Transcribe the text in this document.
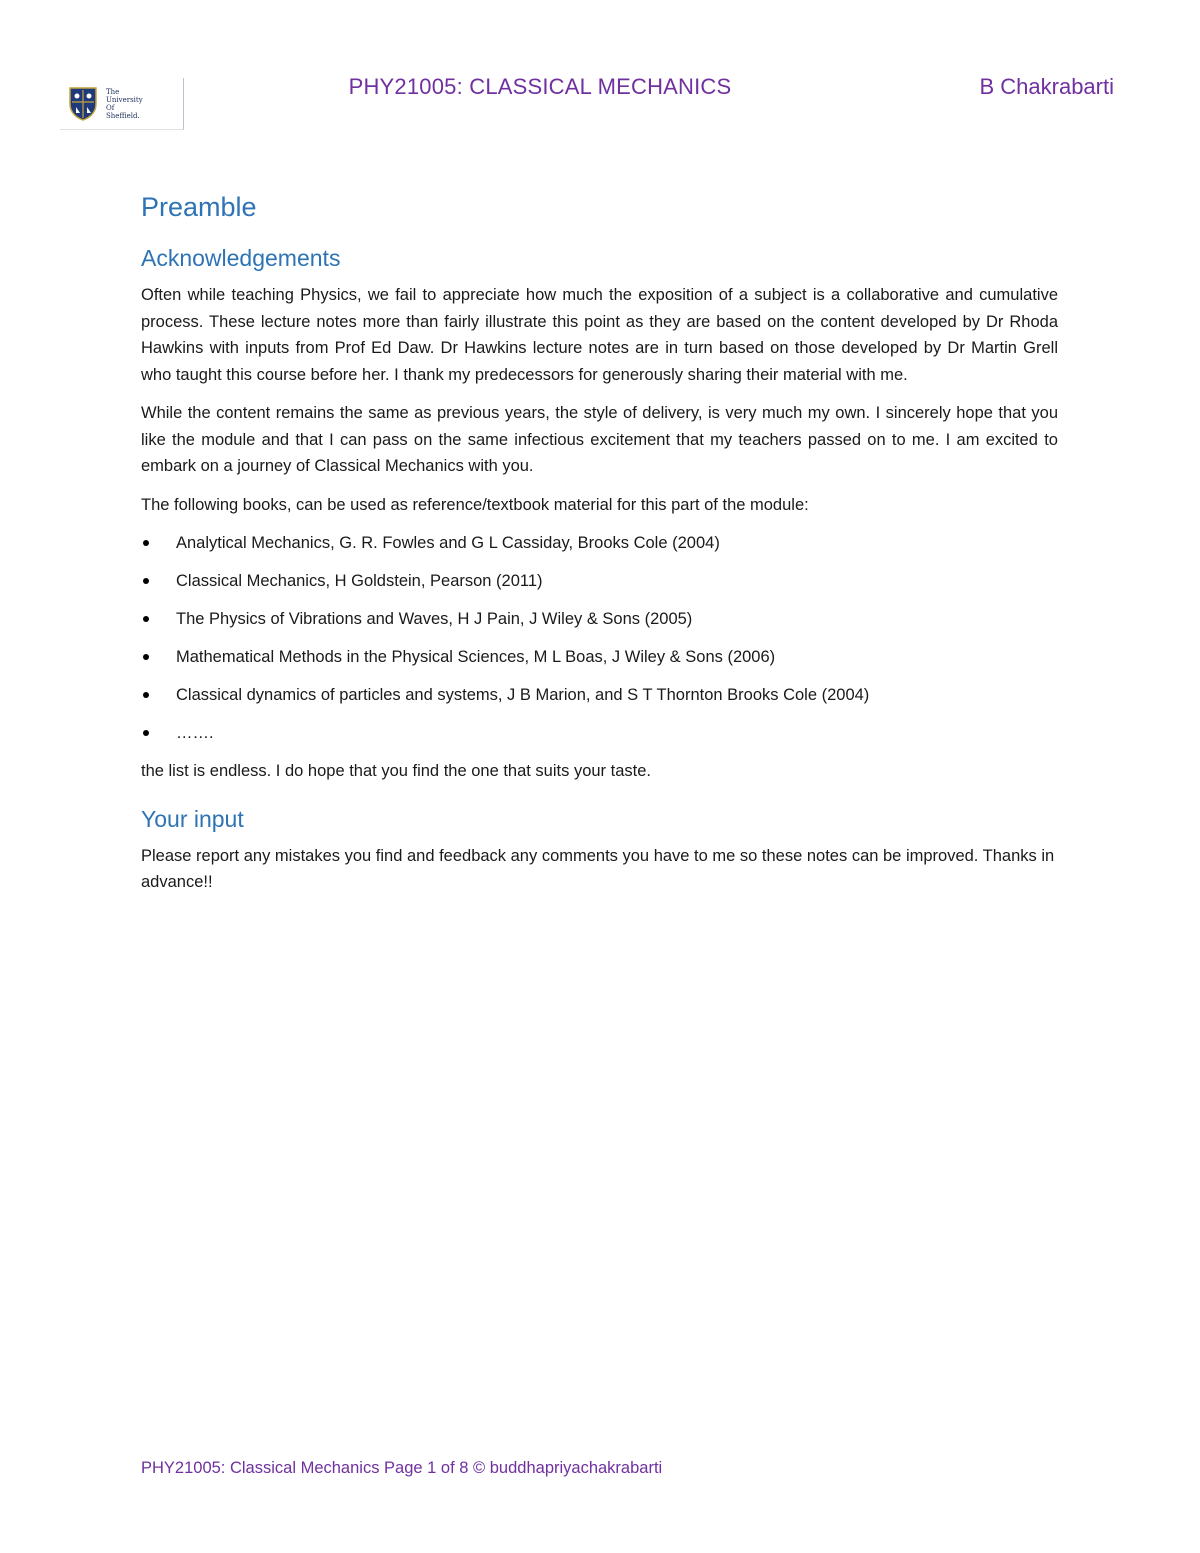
The
University
Of
Sheffield.
PHY21005: CLASSICAL MECHANICS	B Chakrabarti
Preamble
Acknowledgements

Often while teaching Physics, we fail to appreciate how much the exposition of a subject is a collaborative and cumulative process. These lecture notes more than fairly illustrate this point as they are based on the content developed by Dr Rhoda Hawkins with inputs from Prof Ed Daw. Dr Hawkins lecture notes are in turn based on those developed by Dr Martin Grell who taught this course before her. I thank my predecessors for generously sharing their material with me.

While the content remains the same as previous years, the style of delivery, is very much my own. I sincerely hope that you like the module and that I can pass on the same infectious excitement that my teachers passed on to me. I am excited to embark on a journey of Classical Mechanics with you.

The following books, can be used as reference/textbook material for this part of the module:

Analytical Mechanics, G. R. Fowles and G L Cassiday, Brooks Cole (2004)
Classical Mechanics, H Goldstein, Pearson (2011)
The Physics of Vibrations and Waves, H J Pain, J Wiley & Sons (2005)
Mathematical Methods in the Physical Sciences, M L Boas, J Wiley & Sons (2006)
Classical dynamics of particles and systems, J B Marion, and S T Thornton Brooks Cole (2004)
…….

the list is endless. I do hope that you find the one that suits your taste.

Your input

Please report any mistakes you find and feedback any comments you have to me so these notes can be improved. Thanks in advance!!

PHY21005: Classical Mechanics Page 1 of 8 © buddhapriyachakrabarti
